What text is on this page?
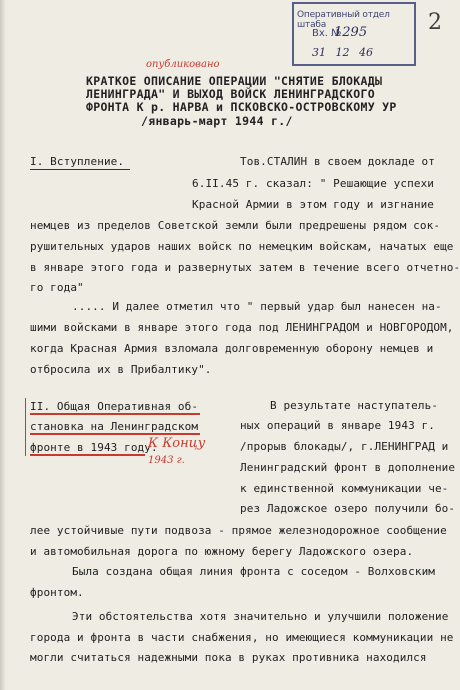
Оперативный отдел штаба
Вх. №
1295
31 12 46
2
опубликовано
КРАТКОЕ ОПИСАНИЕ ОПЕРАЦИИ "СНЯТИЕ БЛОКАДЫ
ЛЕНИНГРАДА" И ВЫХОД ВОЙСК ЛЕНИНГРАДСКОГО
ФРОНТА К р. НАРВА и ПСКОВСКО-ОСТРОВСКОМУ УР
/январь-март 1944 г./
I. Вступление.	Тов.СТАЛИН в своем докладе от
6.II.45 г. сказал: " Решающие успехи
Красной Армии в этом году и изгнание
немцев из пределов Советской земли были предрешены рядом сок-
рушительных ударов наших войск по немецким войскам, начатых еще
в январе этого года и развернутых затем в течение всего отчетно-
го года"
..... И далее отметил что " первый удар был нанесен на-
шими войсками в январе этого года под ЛЕНИНГРАДОМ и НОВГОРОДОМ,
когда Красная Армия взломала долговременную оборону немцев и
отбросила их в Прибалтику".
II. Общая Оперативная об-
становка на Ленинградском
фронте в 1943 году.
К Концу
1943 г.
В результате наступатель-
ных операций в январе 1943 г.
/прорыв блокады/, г.ЛЕНИНГРАД и
Ленинградский фронт в дополнение
к единственной коммуникации че-
рез Ладожское озеро получили бо-
лее устойчивые пути подвоза - прямое железнодорожное сообщение
и автомобильная дорога по южному берегу Ладожского озера.
Была создана общая линия фронта с соседом - Волховским
фронтом.
Эти обстоятельства хотя значительно и улучшили положение
города и фронта в части снабжения, но имеющиеся коммуникации не
могли считаться надежными пока в руках противника находился
